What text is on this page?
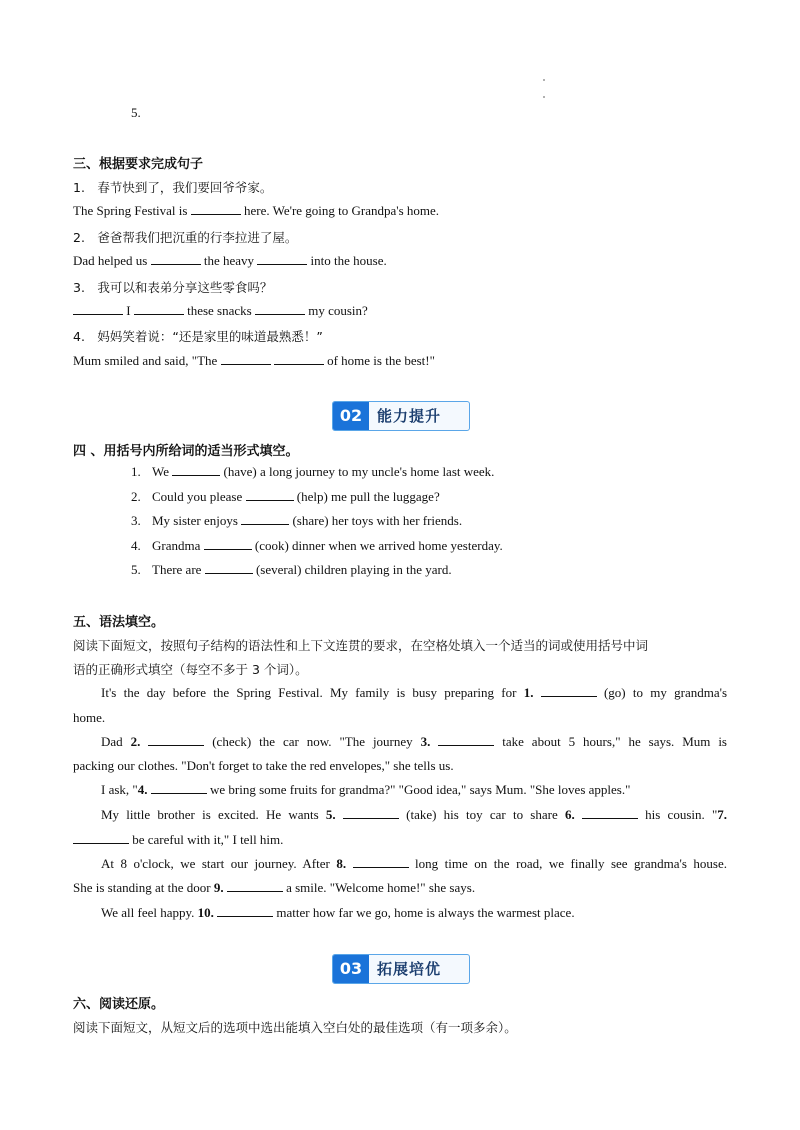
5.
三、根据要求完成句子
1.　春节快到了，我们要回爷爷家。
The Spring Festival is	here. We're going to Grandpa's home.
2.　爸爸帮我们把沉重的行李拉进了屋。
Dad helped us	the heavy	into the house.
3.　我可以和表弟分享这些零食吗？
I	these snacks	my cousin?
4.　妈妈笑着说：“还是家里的味道最熟悉！”
Mum smiled and said, "The	of home is the best!"
02 能力提升
四 、用括号内所给词的适当形式填空。
1. We	(have) a long journey to my uncle's home last week.
2. Could you please	(help) me pull the luggage?
3. My sister enjoys	(share) her toys with her friends.
4. Grandma	(cook) dinner when we arrived home yesterday.
5. There are	(several) children playing in the yard.
五、语法填空。
阅读下面短文，按照句子结构的语法性和上下文连贯的要求，在空格处填入一个适当的词或使用括号中词
语的正确形式填空（每空不多于 3 个词）。
It's the day before the Spring Festival. My family is busy preparing for 1.	(go) to my grandma's
home.
Dad 2.	(check) the car now. "The journey 3.	take about 5 hours," he says. Mum is
packing our clothes. "Don't forget to take the red envelopes," she tells us.
I ask, "4.	we bring some fruits for grandma?" "Good idea," says Mum. "She loves apples."
My little brother is excited. He wants 5.	(take) his toy car to share 6.	his cousin. "7.
be careful with it," I tell him.
At 8 o'clock, we start our journey. After 8.	long time on the road, we finally see grandma's house.
She is standing at the door 9.	a smile. "Welcome home!" she says.
We all feel happy. 10.	matter how far we go, home is always the warmest place.
03 拓展培优
六、阅读还原。
阅读下面短文，从短文后的选项中选出能填入空白处的最佳选项（有一项多余）。
